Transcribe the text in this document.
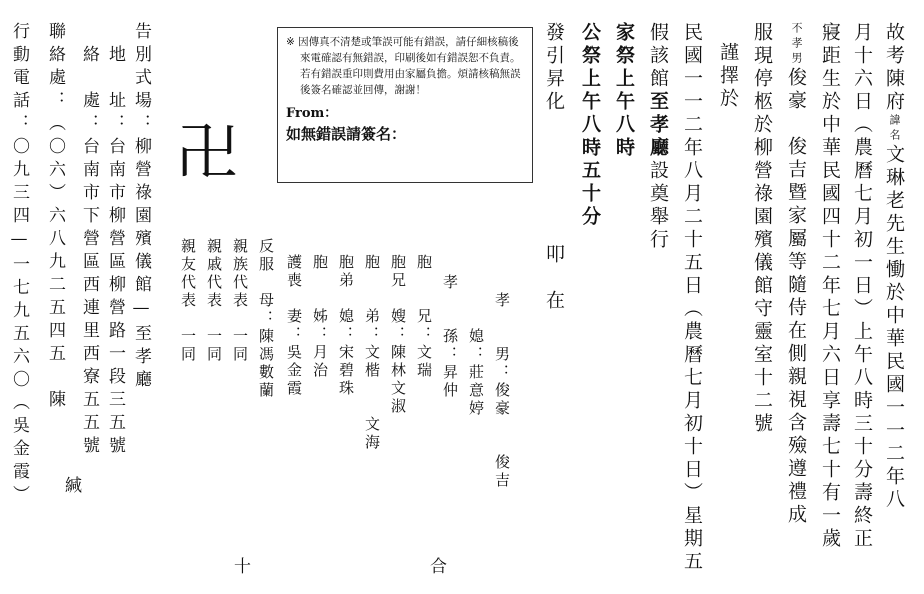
故考陳府諱名文琳老先生慟於中華民國一一二年八
月十六日（農曆七月初一日）上午八時三十分壽終正
寢距生於中華民國四十二年七月六日享壽七十有一歲
不孝男俊豪　俊吉暨家屬等隨侍在側親視含殮遵禮成
服現停柩於柳營祿園殯儀館守靈室十二號
謹擇於
民國一一二年八月二十五日（農曆七月初十日）星期五
假該館至孝廳設奠舉行
家祭上午八時
公祭上午八時五十分
發引昇化
叩
在
孝　　男：俊豪　　俊吉
　　媳：莊意婷
孝　　孫：昇仲
胞　　兄：文瑞
胞兄　嫂：陳林文淑
胞　　弟：文楷　　文海
胞弟　媳：宋碧珠
胞　　姊：月治
護喪　妻：吳金霞
反服　母：陳馮數蘭
親族代表　一同
親戚代表　一同
親友代表　一同
卍

※ 因傳真不清楚或筆誤可能有錯誤，請仔細核稿後來電確認有無錯誤，印刷後如有錯誤恕不負責。若有錯誤重印則費用由家屬負擔。煩請核稿無誤後簽名確認並回傳，謝謝！

From：
如無錯誤請簽名：
告別式場：柳營祿園殯儀館—至孝廳
　地　址：台南市柳營區柳營路一段三五號
　絡　處：台南市下營區西連里西寮五五號
緘
聯絡處：（〇六）六八九二五四五　陳
行動電話：〇九三四—一七九五六〇（吳金霞）
十	合
